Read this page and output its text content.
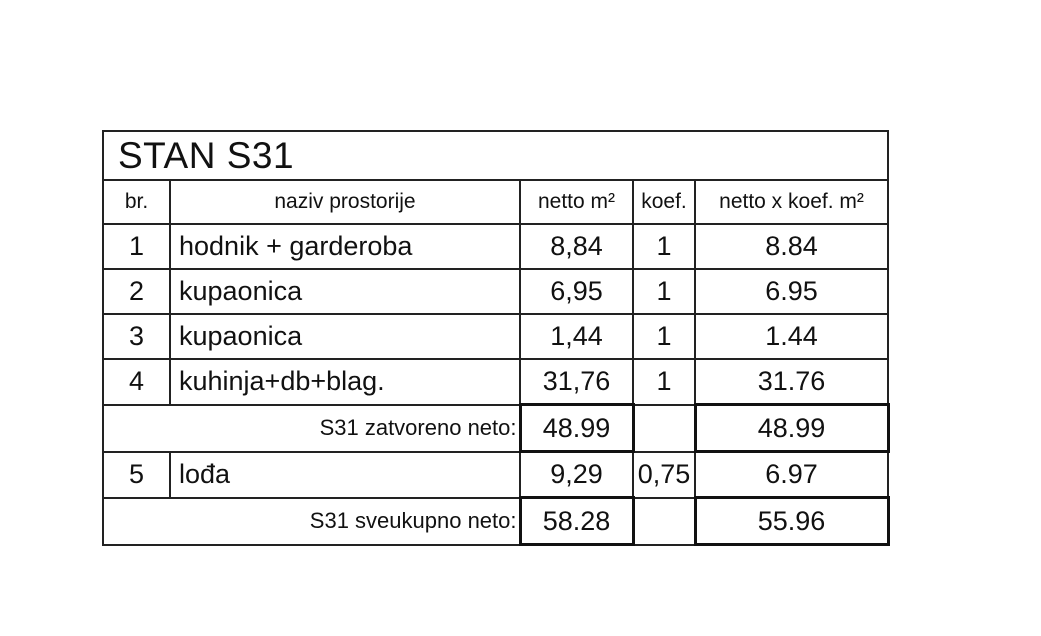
STAN S31				
br.	naziv prostorije	netto m²	koef.	netto x koef. m²
1	hodnik + garderoba	8,84	1	8.84
2	kupaonica	6,95	1	6.95
3	kupaonica	1,44	1	1.44
4	kuhinja+db+blag.	31,76	1	31.76
S31 zatvoreno neto:		48.99		48.99
5	lođa	9,29	0,75	6.97
S31 sveukupno neto:		58.28		55.96
